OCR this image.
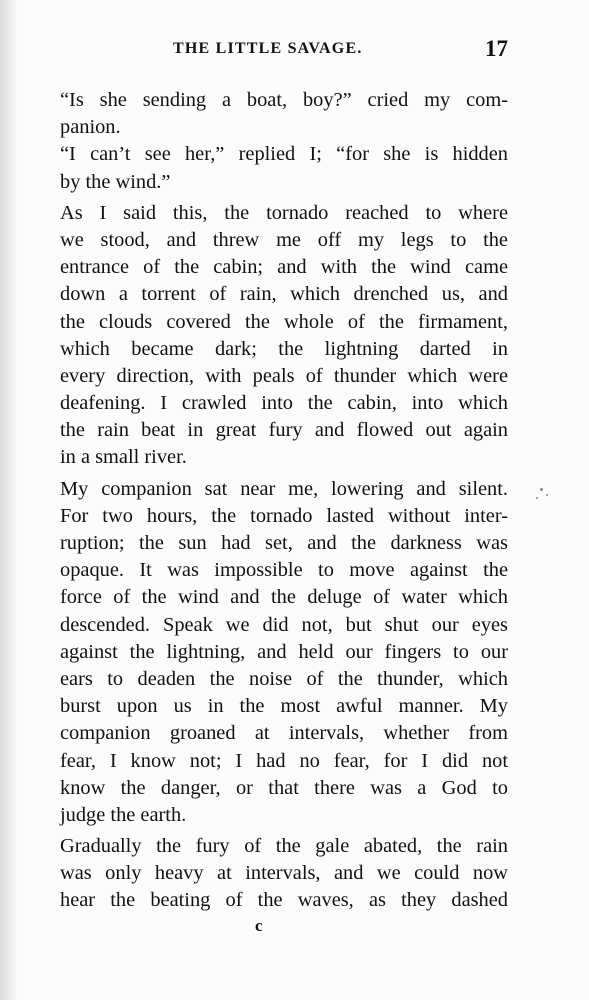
THE LITTLE SAVAGE.	17
“Is she sending a boat, boy?” cried my com-
panion.
“I can’t see her,” replied I; “for she is hidden
by the wind.”
As I said this, the tornado reached to where
we stood, and threw me off my legs to the
entrance of the cabin; and with the wind came
down a torrent of rain, which drenched us, and
the clouds covered the whole of the firmament,
which became dark; the lightning darted in
every direction, with peals of thunder which were
deafening. I crawled into the cabin, into which
the rain beat in great fury and flowed out again
in a small river.
My companion sat near me, lowering and silent.
For two hours, the tornado lasted without inter-
ruption; the sun had set, and the darkness was
opaque. It was impossible to move against the
force of the wind and the deluge of water which
descended. Speak we did not, but shut our eyes
against the lightning, and held our fingers to our
ears to deaden the noise of the thunder, which
burst upon us in the most awful manner. My
companion groaned at intervals, whether from
fear, I know not; I had no fear, for I did not
know the danger, or that there was a God to
judge the earth.
Gradually the fury of the gale abated, the rain
was only heavy at intervals, and we could now
hear the beating of the waves, as they dashed
c
